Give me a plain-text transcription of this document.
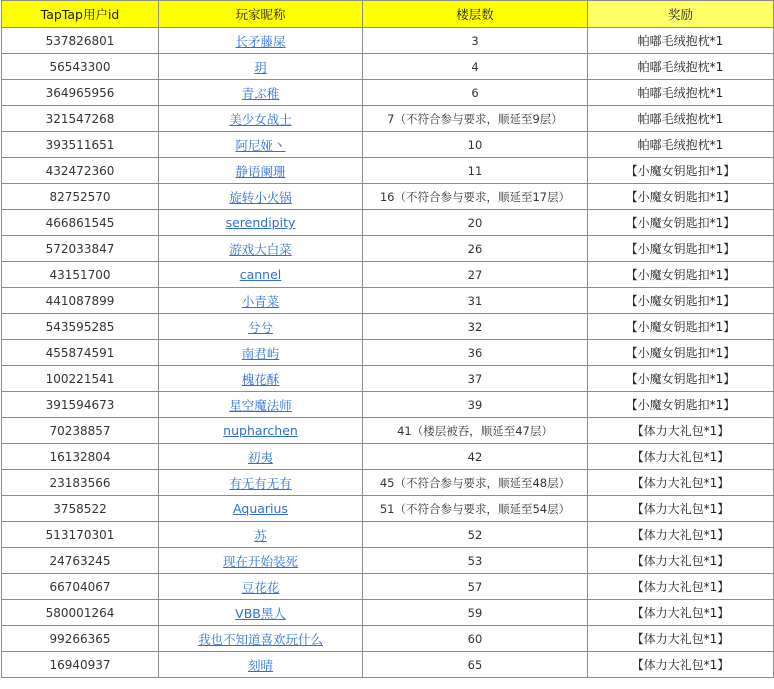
TapTap用户id	玩家昵称	楼层数	奖励
537826801	长矛藤屎	3	帕嘟毛绒抱枕*1
56543300	玥	4	帕嘟毛绒抱枕*1
364965956	青ぶ稚	6	帕嘟毛绒抱枕*1
321547268	美少女战士	7（不符合参与要求，顺延至9层）	帕嘟毛绒抱枕*1
393511651	阿尼娅丶	10	帕嘟毛绒抱枕*1
432472360	静语阑珊	11	【小魔女钥匙扣*1】
82752570	旋转小火锅	16（不符合参与要求，顺延至17层）	【小魔女钥匙扣*1】
466861545	serendipity	20	【小魔女钥匙扣*1】
572033847	游戏大白菜	26	【小魔女钥匙扣*1】
43151700	cannel	27	【小魔女钥匙扣*1】
441087899	小青菜	31	【小魔女钥匙扣*1】
543595285	兮兮	32	【小魔女钥匙扣*1】
455874591	南君屿	36	【小魔女钥匙扣*1】
100221541	槐花酥	37	【小魔女钥匙扣*1】
391594673	星空魔法师	39	【小魔女钥匙扣*1】
70238857	nupharchen	41（楼层被吞，顺延至47层）	【体力大礼包*1】
16132804	初夷	42	【体力大礼包*1】
23183566	有无有无有	45（不符合参与要求，顺延至48层）	【体力大礼包*1】
3758522	Aquarius	51（不符合参与要求，顺延至54层）	【体力大礼包*1】
513170301	苏	52	【体力大礼包*1】
24763245	现在开始装死	53	【体力大礼包*1】
66704067	豆花花	57	【体力大礼包*1】
580001264	VBB黑人	59	【体力大礼包*1】
99266365	我也不知道喜欢玩什么	60	【体力大礼包*1】
16940937	刻晴	65	【体力大礼包*1】
